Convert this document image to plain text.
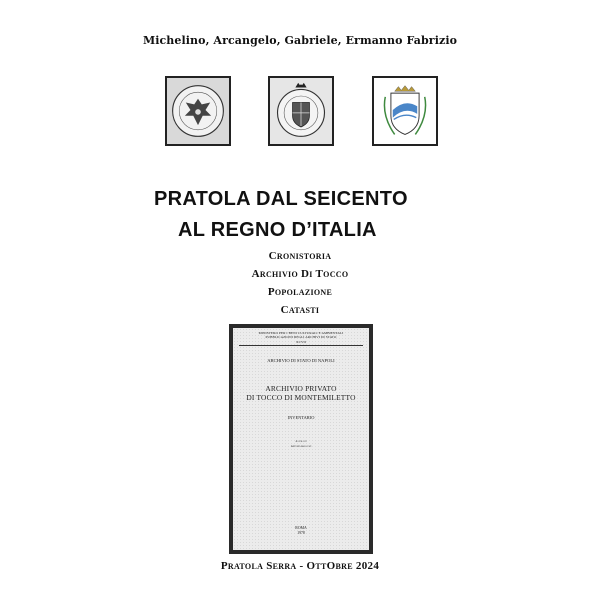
Michelino, Arcangelo, Gabriele, Ermanno Fabrizio
PRATOLA DAL SEICENTO
AL REGNO D’ITALIA
Cronistoria
Archivio Di Tocco
Popolazione
Catasti
MINISTERO PER I BENI CULTURALI E AMBIENTALI
PUBBLICAZIONI DEGLI ARCHIVI DI STATO
XCVII
ARCHIVIO DI STATO DI NAPOLI
ARCHIVIO PRIVATO
DI TOCCO DI MONTEMILETTO
INVENTARIO
A cura di
Antonio Allocati
ROMA
1978
Pratola Serra - OttObre 2024
